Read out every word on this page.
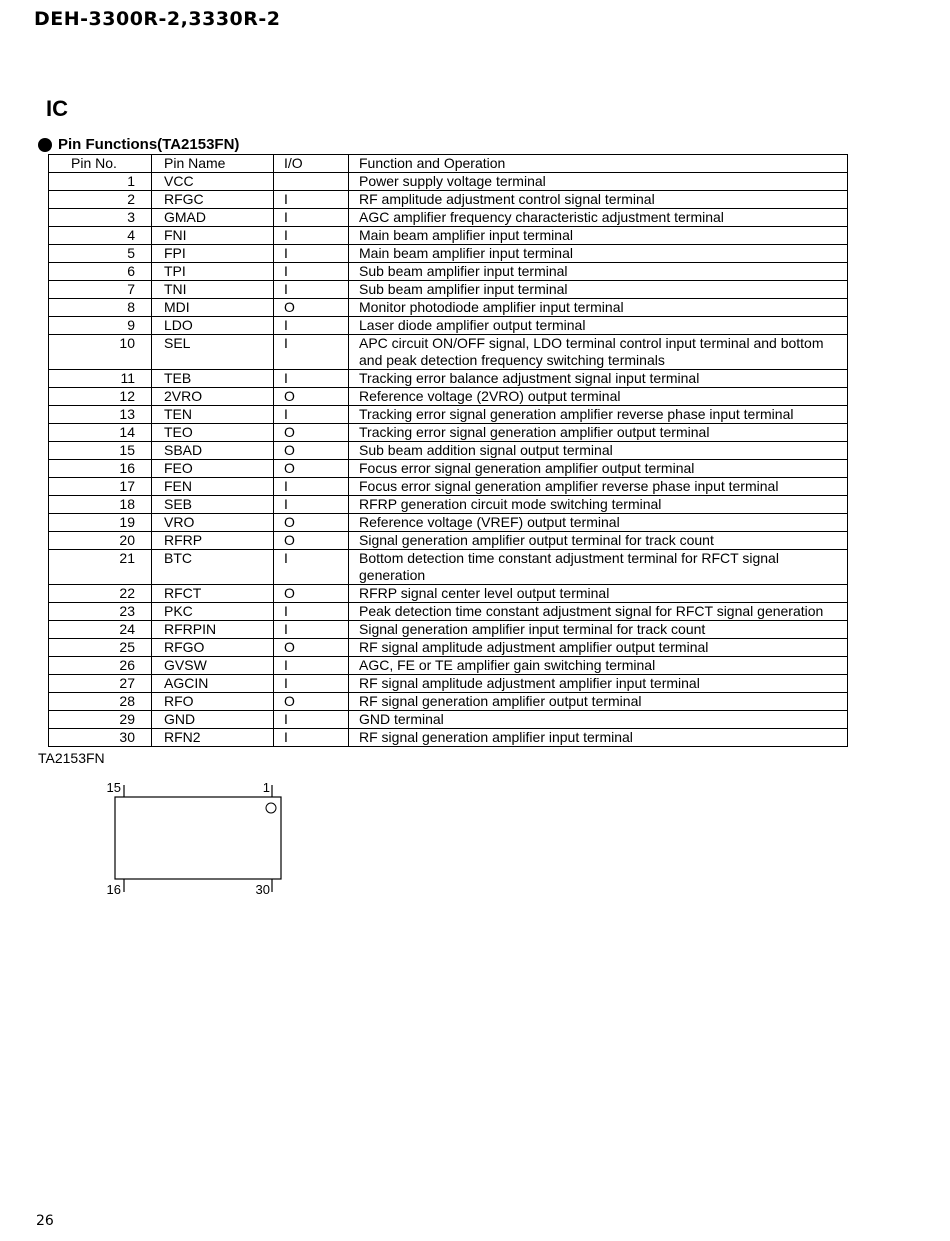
DEH-3300R-2,3330R-2
IC
Pin Functions(TA2153FN)
Pin No.	Pin Name	I/O	Function and Operation
1	VCC		Power supply voltage terminal
2	RFGC	I	RF amplitude adjustment control signal terminal
3	GMAD	I	AGC amplifier frequency characteristic adjustment terminal
4	FNI	I	Main beam amplifier input terminal
5	FPI	I	Main beam amplifier input terminal
6	TPI	I	Sub beam amplifier input terminal
7	TNI	I	Sub beam amplifier input terminal
8	MDI	O	Monitor photodiode amplifier input terminal
9	LDO	I	Laser diode amplifier output terminal
10	SEL	I	APC circuit ON/OFF signal, LDO terminal control input terminal and bottom and peak detection frequency switching terminals
11	TEB	I	Tracking error balance adjustment signal input terminal
12	2VRO	O	Reference voltage (2VRO) output terminal
13	TEN	I	Tracking error signal generation amplifier reverse phase input terminal
14	TEO	O	Tracking error signal generation amplifier output terminal
15	SBAD	O	Sub beam addition signal output terminal
16	FEO	O	Focus error signal generation amplifier output terminal
17	FEN	I	Focus error signal generation amplifier reverse phase input terminal
18	SEB	I	RFRP generation circuit mode switching terminal
19	VRO	O	Reference voltage (VREF) output terminal
20	RFRP	O	Signal generation amplifier output terminal for track count
21	BTC	I	Bottom detection time constant adjustment terminal for RFCT signal generation
22	RFCT	O	RFRP signal center level output terminal
23	PKC	I	Peak detection time constant adjustment signal for RFCT signal generation
24	RFRPIN	I	Signal generation amplifier input terminal for track count
25	RFGO	O	RF signal amplitude adjustment amplifier output terminal
26	GVSW	I	AGC, FE or TE amplifier gain switching terminal
27	AGCIN	I	RF signal amplitude adjustment amplifier input terminal
28	RFO	O	RF signal generation amplifier output terminal
29	GND	I	GND terminal
30	RFN2	I	RF signal generation amplifier input terminal
TA2153FN
15	1
16	30
26
